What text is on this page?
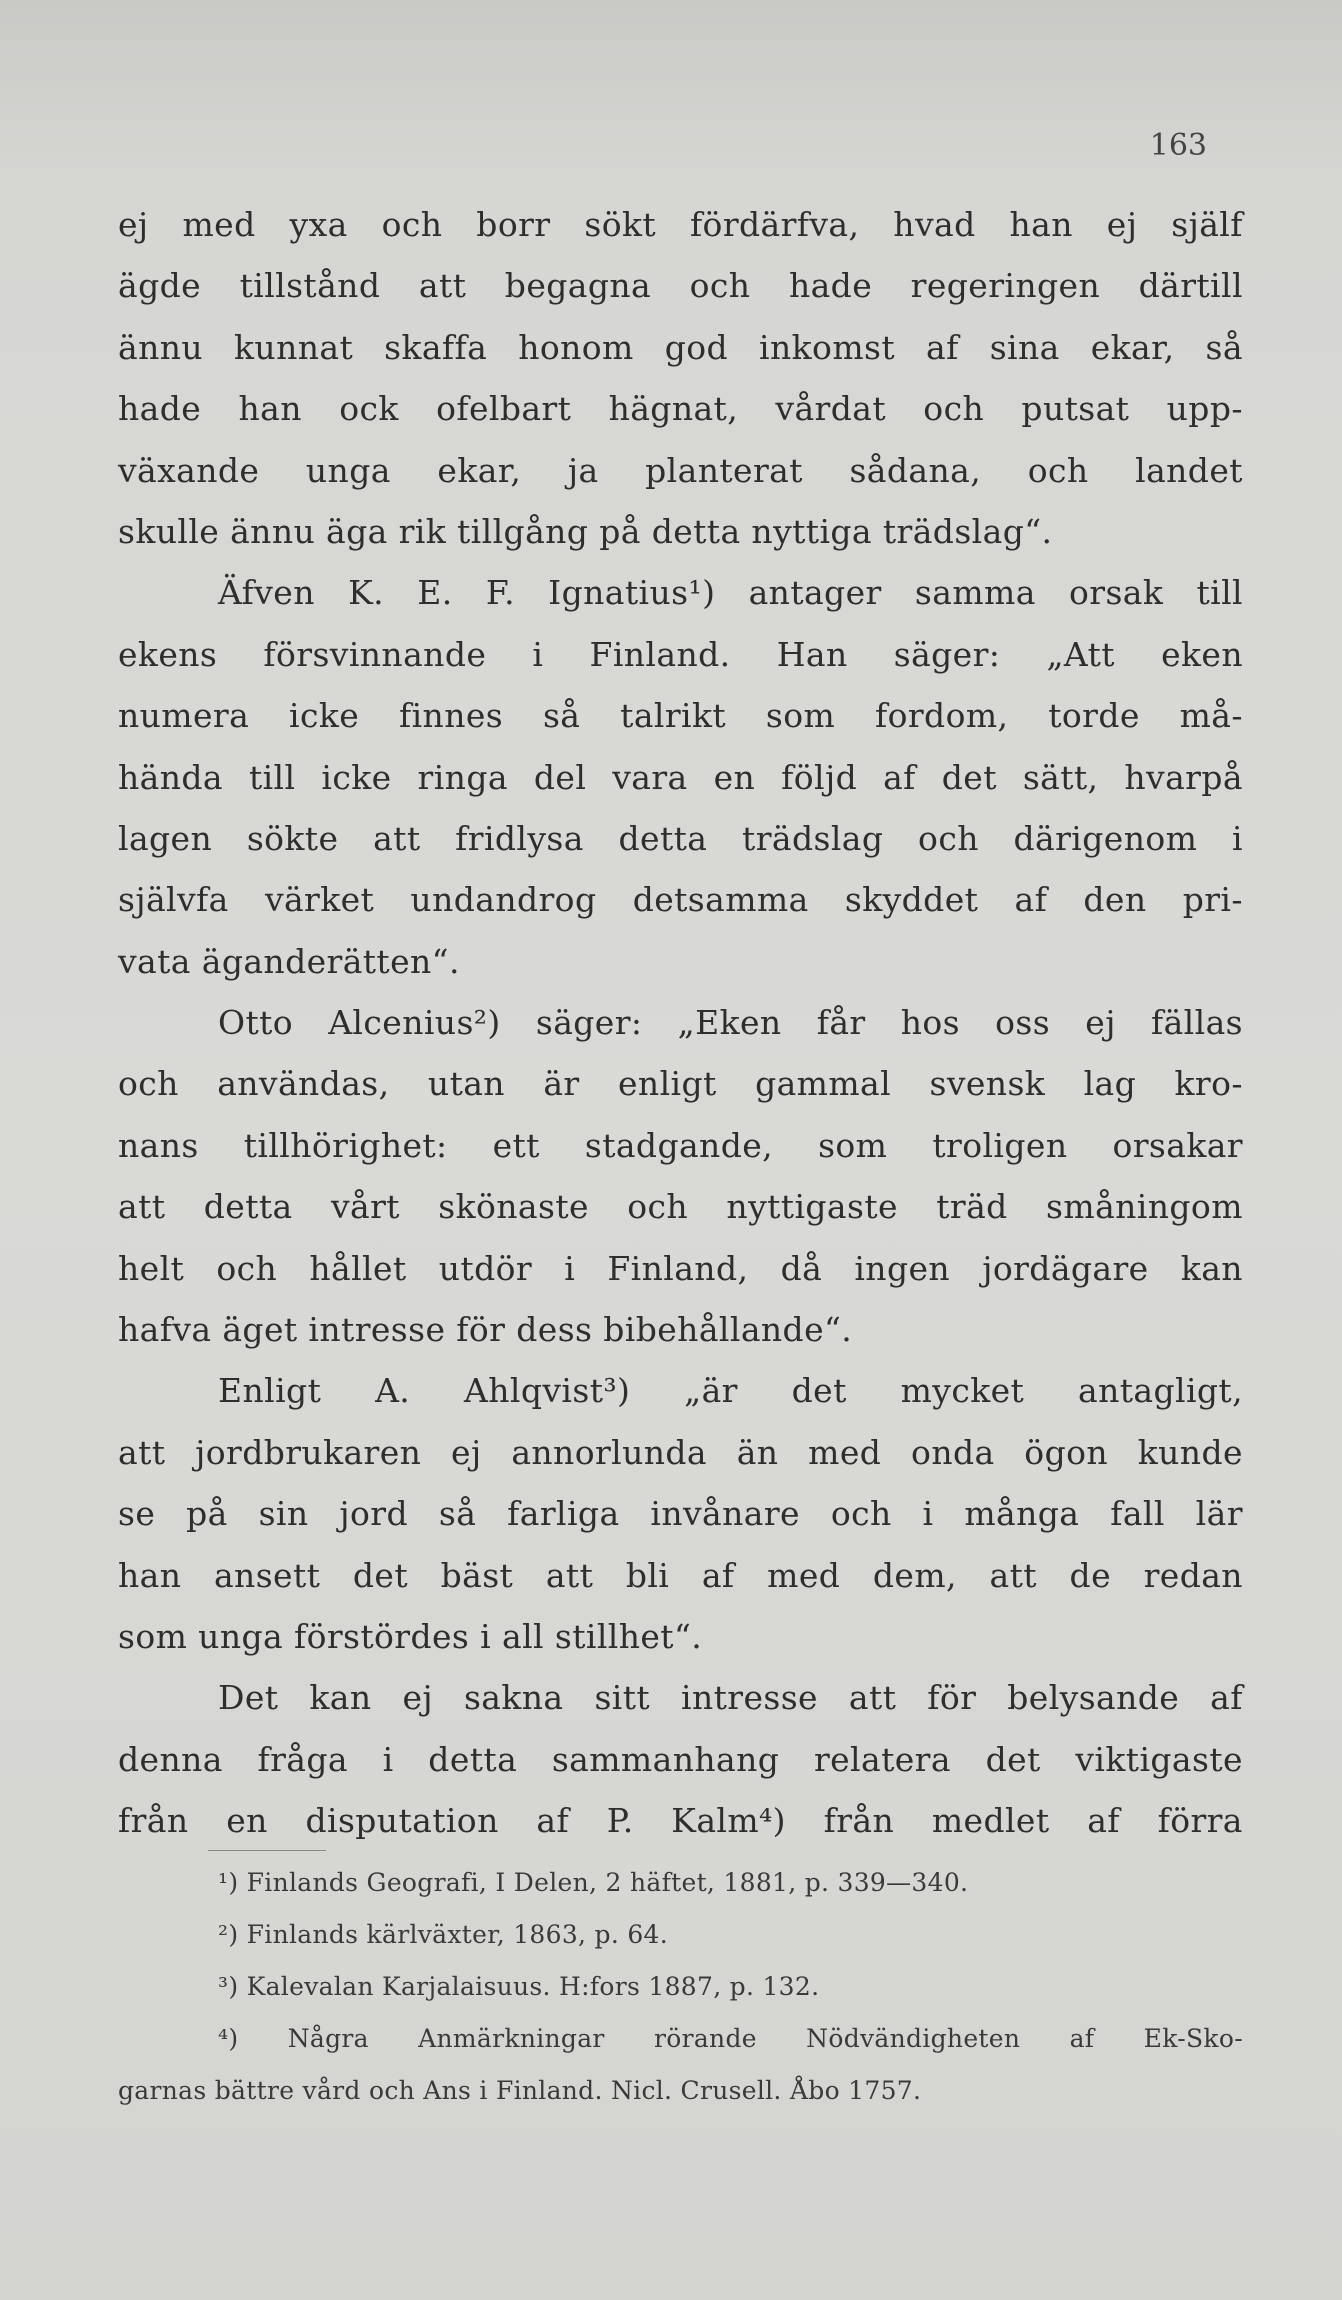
163
ej med yxa och borr sökt fördärfva, hvad han ej själf
ägde tillstånd att begagna och hade regeringen därtill
ännu kunnat skaffa honom god inkomst af sina ekar, så
hade han ock ofelbart hägnat, vårdat och putsat upp-
växande unga ekar, ja planterat sådana, och landet
skulle ännu äga rik tillgång på detta nyttiga trädslag“.
Äfven K. E. F. Ignatius¹) antager samma orsak till
ekens försvinnande i Finland. Han säger: „Att eken
numera icke finnes så talrikt som fordom, torde må-
hända till icke ringa del vara en följd af det sätt, hvarpå
lagen sökte att fridlysa detta trädslag och därigenom i
självfa värket undandrog detsamma skyddet af den pri-
vata äganderätten“.
Otto Alcenius²) säger: „Eken får hos oss ej fällas
och användas, utan är enligt gammal svensk lag kro-
nans tillhörighet: ett stadgande, som troligen orsakar
att detta vårt skönaste och nyttigaste träd småningom
helt och hållet utdör i Finland, då ingen jordägare kan
hafva äget intresse för dess bibehållande“.
Enligt A. Ahlqvist³) „är det mycket antagligt,
att jordbrukaren ej annorlunda än med onda ögon kunde
se på sin jord så farliga invånare och i många fall lär
han ansett det bäst att bli af med dem, att de redan
som unga förstördes i all stillhet“.
Det kan ej sakna sitt intresse att för belysande af
denna fråga i detta sammanhang relatera det viktigaste
från en disputation af P. Kalm⁴) från medlet af förra
¹) Finlands Geografi, I Delen, 2 häftet, 1881, p. 339—340.
²) Finlands kärlväxter, 1863, p. 64.
³) Kalevalan Karjalaisuus. H:fors 1887, p. 132.
⁴) Några Anmärkningar rörande Nödvändigheten af Ek-Sko-
garnas bättre vård och Ans i Finland. Nicl. Crusell. Åbo 1757.
